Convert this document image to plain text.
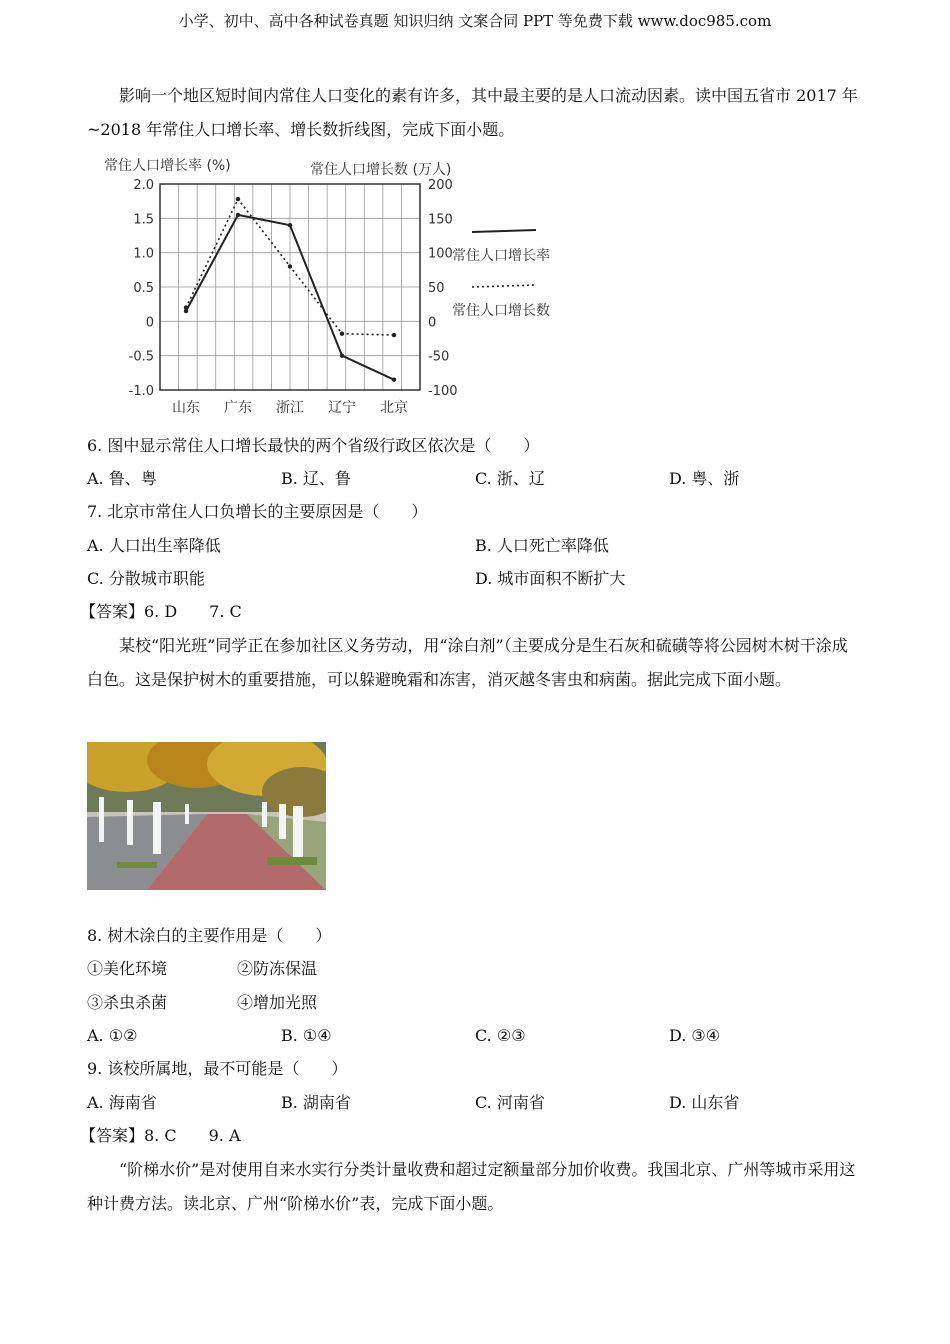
小学、初中、高中各种试卷真题 知识归纳 文案合同 PPT 等免费下载 www.doc985.com

影响一个地区短时间内常住人口变化的素有许多，其中最主要的是人口流动因素。读中国五省市 2017 年~2018 年常住人口增长率、增长数折线图，完成下面小题。

常住人口增长率 (%)	常住人口增长数 (万人)
2.0
1.5
1.0
0.5
0
-0.5
-1.0
200
150
100
50
0
-50
-100
山东 广东 浙江 辽宁 北京
常住人口增长率
常住人口增长数
6. 图中显示常住人口增长最快的两个省级行政区依次是（　　）
A. 鲁、粤	B. 辽、鲁	C. 浙、辽	D. 粤、浙
7. 北京市常住人口负增长的主要原因是（　　）
A. 人口出生率降低	B. 人口死亡率降低
C. 分散城市职能	D. 城市面积不断扩大
【答案】6. D　　7. C

某校“阳光班”同学正在参加社区义务劳动，用“涂白剂”（主要成分是生石灰和硫磺等将公园树木树干涂成白色。这是保护树木的重要措施，可以躲避晚霜和冻害，消灭越冬害虫和病菌。据此完成下面小题。

8. 树木涂白的主要作用是（　　）
①美化环境	②防冻保温
③杀虫杀菌	④增加光照
A. ①②	B. ①④	C. ②③	D. ③④
9. 该校所属地，最不可能是（　　）
A. 海南省	B. 湖南省	C. 河南省	D. 山东省
【答案】8. C　　9. A

“阶梯水价”是对使用自来水实行分类计量收费和超过定额量部分加价收费。我国北京、广州等城市采用这种计费方法。读北京、广州“阶梯水价”表，完成下面小题。
